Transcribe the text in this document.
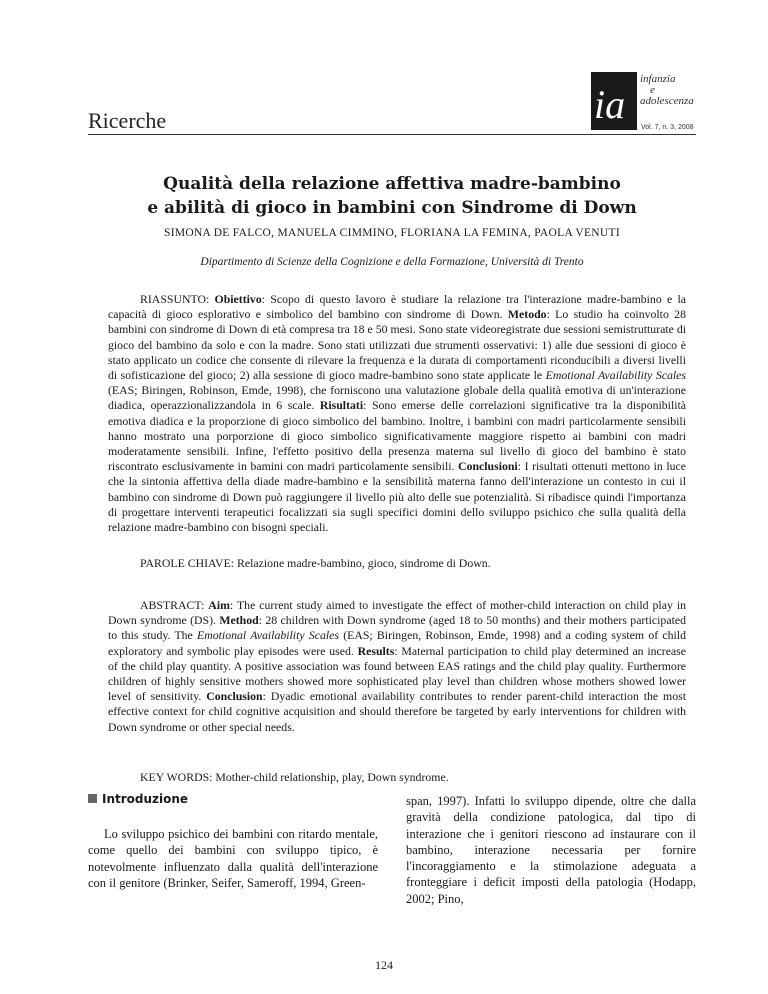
Ricerche	ia
infanzia
e
adolescenza
Vol. 7, n. 3, 2008
Qualità della relazione affettiva madre-bambino
e abilità di gioco in bambini con Sindrome di Down
SIMONA DE FALCO, MANUELA CIMMINO, FLORIANA LA FEMINA, PAOLA VENUTI
Dipartimento di Scienze della Cognizione e della Formazione, Università di Trento

RIASSUNTO: Obiettivo: Scopo di questo lavoro è studiare la relazione tra l'interazione madre-bambino e la capacità di gioco esplorativo e simbolico del bambino con sindrome di Down. Metodo: Lo studio ha coinvolto 28 bambini con sindrome di Down di età compresa tra 18 e 50 mesi. Sono state videoregistrate due sessioni semistrutturate di gioco del bambino da solo e con la madre. Sono stati utilizzati due strumenti osservativi: 1) alle due sessioni di gioco è stato applicato un codice che consente di rilevare la frequenza e la durata di comportamenti riconducibili a diversi livelli di sofisticazione del gioco; 2) alla sessione di gioco madre-bambino sono state applicate le Emotional Availability Scales (EAS; Biringen, Robinson, Emde, 1998), che forniscono una valutazione globale della qualità emotiva di un'interazione diadica, operazzionalizzandola in 6 scale. Risultati: Sono emerse delle correlazioni significative tra la disponibilità emotiva diadica e la proporzione di gioco simbolico del bambino. Inoltre, i bambini con madri particolarmente sensibili hanno mostrato una porporzione di gioco simbolico significativamente maggiore rispetto ai bambini con madri moderatamente sensibili. Infine, l'effetto positivo della presenza materna sul livello di gioco del bambino è stato riscontrato esclusivamente in bamini con madri particolamente sensibili. Conclusioni: I risultati ottenuti mettono in luce che la sintonia affettiva della diade madre-bambino e la sensibilità materna fanno dell'interazione un contesto in cui il bambino con sindrome di Down può raggiungere il livello più alto delle sue potenzialità. Si ribadisce quindi l'importanza di progettare interventi terapeutici focalizzati sia sugli specifici domini dello sviluppo psichico che sulla qualità della relazione madre-bambino con bisogni speciali.

PAROLE CHIAVE: Relazione madre-bambino, gioco, sindrome di Down.

ABSTRACT: Aim: The current study aimed to investigate the effect of mother-child interaction on child play in Down syndrome (DS). Method: 28 children with Down syndrome (aged 18 to 50 months) and their mothers participated to this study. The Emotional Availability Scales (EAS; Biringen, Robinson, Emde, 1998) and a coding system of child exploratory and symbolic play episodes were used. Results: Maternal participation to child play determined an increase of the child play quantity. A positive association was found between EAS ratings and the child play quality. Furthermore children of highly sensitive mothers showed more sophisticated play level than children whose mothers showed lower level of sensitivity. Conclusion: Dyadic emotional availability contributes to render parent-child interaction the most effective context for child cognitive acquisition and should therefore be targeted by early interventions for children with Down syndrome or other special needs.

KEY WORDS: Mother-child relationship, play, Down syndrome.
Introduzione

Lo sviluppo psichico dei bambini con ritardo mentale, come quello dei bambini con sviluppo tipico, è notevolmente influenzato dalla qualità dell'interazione con il genitore (Brinker, Seifer, Sameroff, 1994, Green-

span, 1997). Infatti lo sviluppo dipende, oltre che dalla gravità della condizione patologica, dal tipo di interazione che i genitori riescono ad instaurare con il bambino, interazione necessaria per fornire l'incoraggiamento e la stimolazione adeguata a fronteggiare i deficit imposti della patologia (Hodapp, 2002; Pino,

124
